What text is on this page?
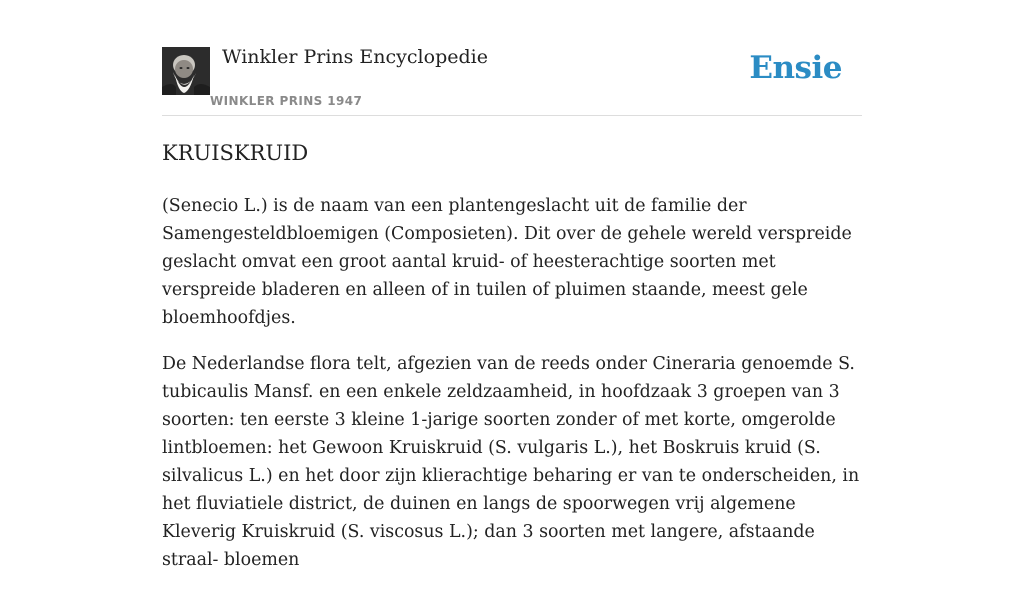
Winkler Prins Encyclopedie
WINKLER PRINS 1947
Ensie
KRUISKRUID

(Senecio L.) is de naam van een plantengeslacht uit de familie der Samengesteldbloemigen (Composieten). Dit over de gehele wereld verspreide geslacht omvat een groot aantal kruid- of heesterachtige soorten met verspreide bladeren en alleen of in tuilen of pluimen staande, meest gele bloemhoofdjes.

De Nederlandse flora telt, afgezien van de reeds onder Cineraria genoemde S. tubicaulis Mansf. en een enkele zeldzaamheid, in hoofdzaak 3 groepen van 3 soorten: ten eerste 3 kleine 1-jarige soorten zonder of met korte, omgerolde lintbloemen: het Gewoon Kruiskruid (S. vulgaris L.), het Boskruis kruid (S. silvalicus L.) en het door zijn klierachtige beharing er van te onderscheiden, in het fluviatiele district, de duinen en langs de spoorwegen vrij algemene Kleverig Kruiskruid (S. viscosus L.); dan 3 soorten met langere, afstaande straal- bloemen
